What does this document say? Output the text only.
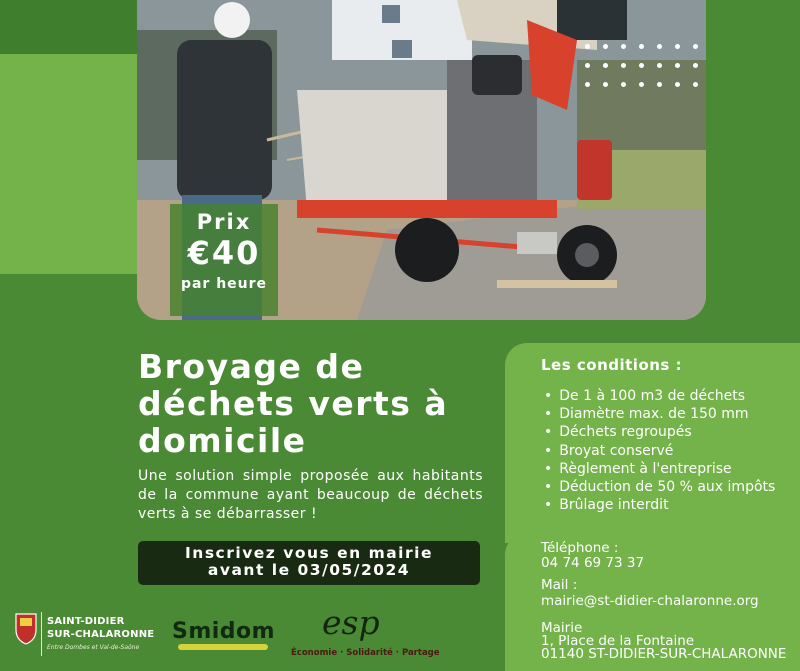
Prix
€40
par heure
Broyage de
déchets verts à
domicile
Une solution simple proposée aux habitants de la commune ayant beaucoup de déchets verts à se débarrasser !
Inscrivez vous en mairie
avant le 03/05/2024
Les conditions :
• De 1 à 100 m3 de déchets
• Diamètre max. de 150 mm
• Déchets regroupés
• Broyat conservé
• Règlement à l'entreprise
• Déduction de 50 % aux impôts
• Brûlage interdit
Téléphone :
04 74 69 73 37
Mail :
mairie@st-didier-chalaronne.org
Mairie
1, Place de la Fontaine
01140 ST-DIDIER-SUR-CHALARONNE
SAINT-DIDIER
SUR-CHALARONNE
Entre Dombes et Val-de-Saône
Smidom esp
Économie · Solidarité · Partage
